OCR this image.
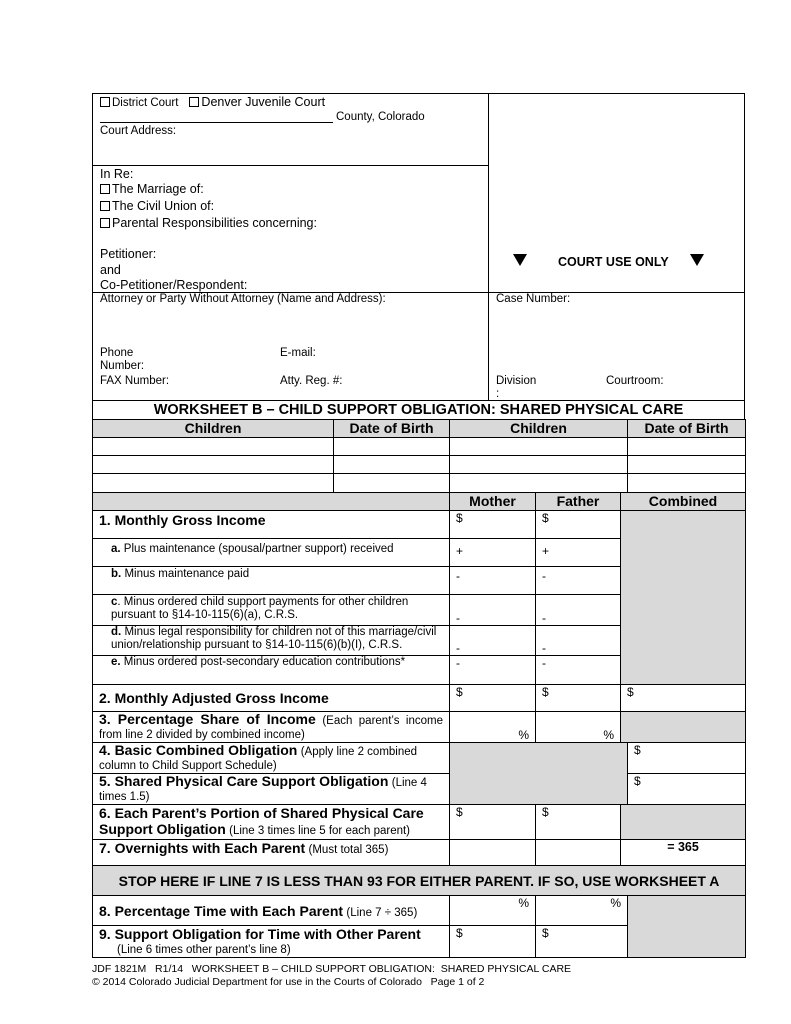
District Court Denver Juvenile Court
County, Colorado
Court Address:
In Re:
The Marriage of:
The Civil Union of:
Parental Responsibilities concerning:
Petitioner:
and
Co-Petitioner/Respondent:
COURT USE ONLY
Attorney or Party Without Attorney (Name and Address):
Phone Number:
E-mail:
FAX Number:	Atty. Reg. #:
Case Number:
Division :
Courtroom:
WORKSHEET B – CHILD SUPPORT OBLIGATION: SHARED PHYSICAL CARE
Children	Date of Birth	Children	Date of Birth

	Mother	Father	Combined	
1. Monthly Gross Income	$	$		
a. Plus maintenance (spousal/partner support) received	+	+		
b. Minus maintenance paid	-	-		
c. Minus ordered child support payments for other children pursuant to §14-10-115(6)(a), C.R.S.	-	-		
d. Minus legal responsibility for children not of this marriage/civil union/relationship pursuant to §14-10-115(6)(b)(I), C.R.S.	-	-		
e. Minus ordered post-secondary education contributions*	-	-		
2. Monthly Adjusted Gross Income	$	$	$	
3. Percentage Share of Income (Each parent’s income from line 2 divided by combined income)	%	%		
4. Basic Combined Obligation (Apply line 2 combined column to Child Support Schedule)				$
5. Shared Physical Care Support Obligation (Line 4 times 1.5)				$
6. Each Parent’s Portion of Shared Physical Care Support Obligation (Line 3 times line 5 for each parent)	$	$		
7. Overnights with Each Parent (Must total 365)			= 365	
STOP HERE IF LINE 7 IS LESS THAN 93 FOR EITHER PARENT. IF SO, USE WORKSHEET A				
8. Percentage Time with Each Parent (Line 7 ÷ 365)	%	%		
9. Support Obligation for Time with Other Parent
(Line 6 times other parent’s line 8)	$	$		
JDF 1821M   R1/14   WORKSHEET B – CHILD SUPPORT OBLIGATION:  SHARED PHYSICAL CARE
© 2014 Colorado Judicial Department for use in the Courts of Colorado   Page 1 of 2
